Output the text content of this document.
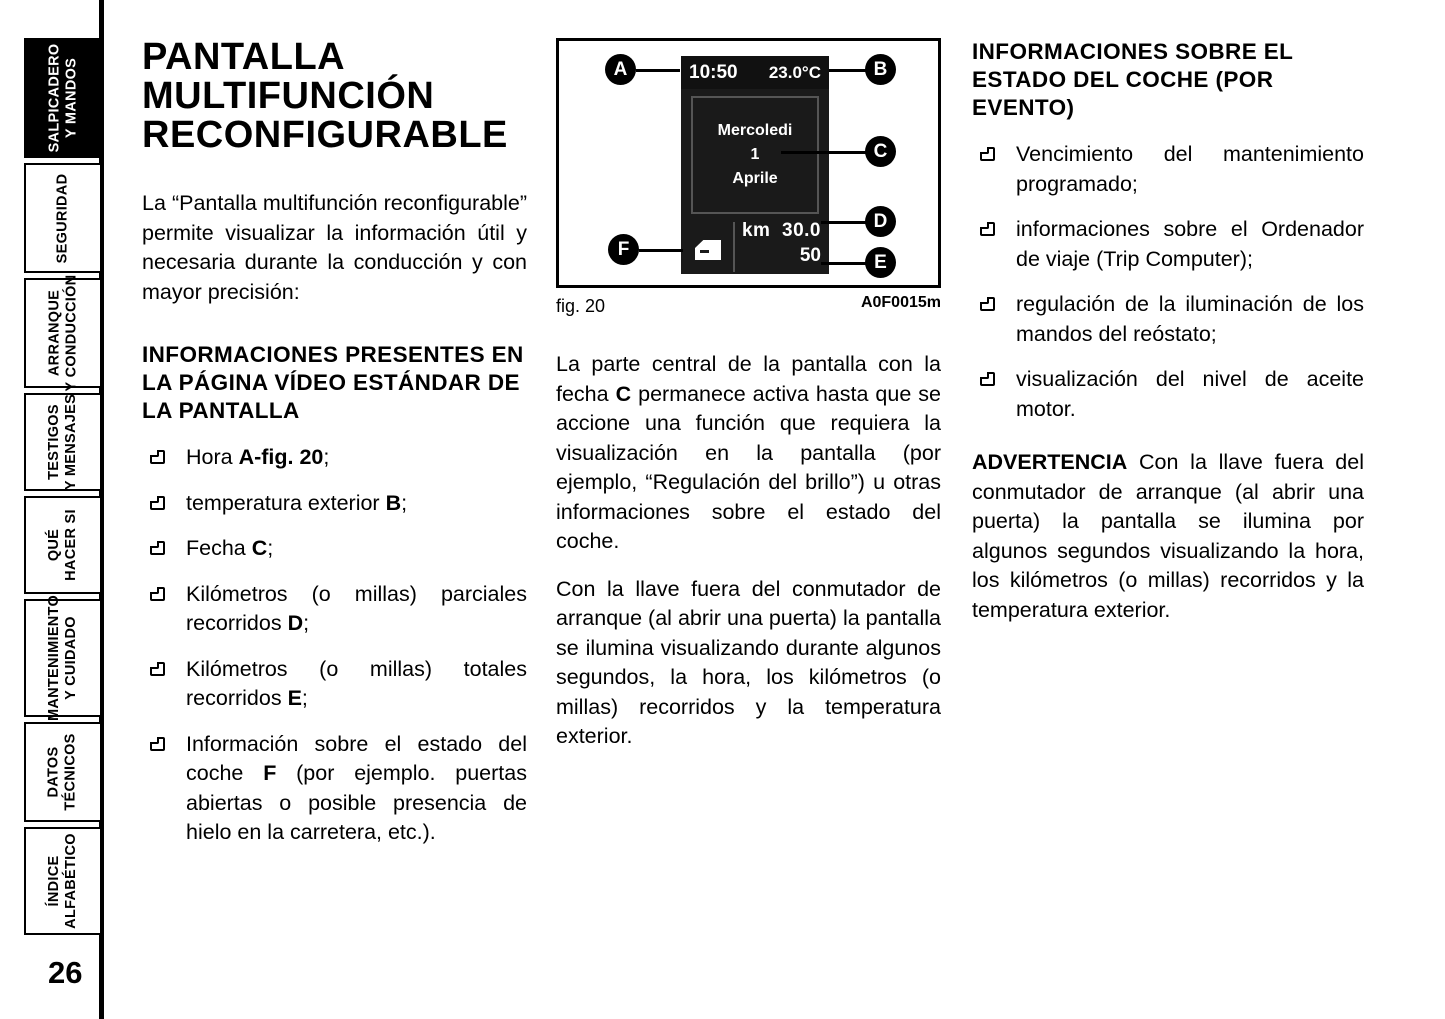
SALPICADERO
Y MANDOS
SEGURIDAD
ARRANQUE
Y CONDUCCIÓN
TESTIGOS
Y MENSAJES
QUÉ
HACER SI
MANTENIMIENTO
Y CUIDADO
DATOS
TÉCNICOS
ÍNDICE
ALFABÉTICO
26
PANTALLA MULTIFUNCIÓN RECONFIGURABLE

La “Pantalla multifunción reconfigurable” permite visualizar la información útil y necesaria durante la conducción y con mayor precisión:

INFORMACIONES PRESENTES EN LA PÁGINA VÍDEO ESTÁNDAR DE LA PANTALLA
Hora A-fig. 20;
temperatura exterior B;
Fecha C;
Kilómetros (o millas) parciales recorridos D;
Kilómetros (o millas) totales recorridos E;
Información sobre el estado del coche F (por ejemplo. puertas abiertas o posible presencia de hielo en la carretera, etc.).
10:50 23.0°C
Mercoledi
1
Aprile
km 30.0
50
A	B
C
D
E
F
fig. 20	A0F0015m

La parte central de la pantalla con la fecha C permanece activa hasta que se accione una función que requiera la visualización en la pantalla (por ejemplo, “Regulación del brillo”) u otras informaciones sobre el estado del coche.

Con la llave fuera del conmutador de arranque (al abrir una puerta) la pantalla se ilumina visualizando durante algunos segundos, la hora, los kilómetros (o millas) recorridos y la temperatura exterior.

INFORMACIONES SOBRE EL ESTADO DEL COCHE (POR EVENTO)
Vencimiento del mantenimiento programado;
informaciones sobre el Ordenador de viaje (Trip Computer);
regulación de la iluminación de los mandos del reóstato;
visualización del nivel de aceite motor.

ADVERTENCIA Con la llave fuera del conmutador de arranque (al abrir una puerta) la pantalla se ilumina por algunos segundos visualizando la hora, los kilómetros (o millas) recorridos y la temperatura exterior.
